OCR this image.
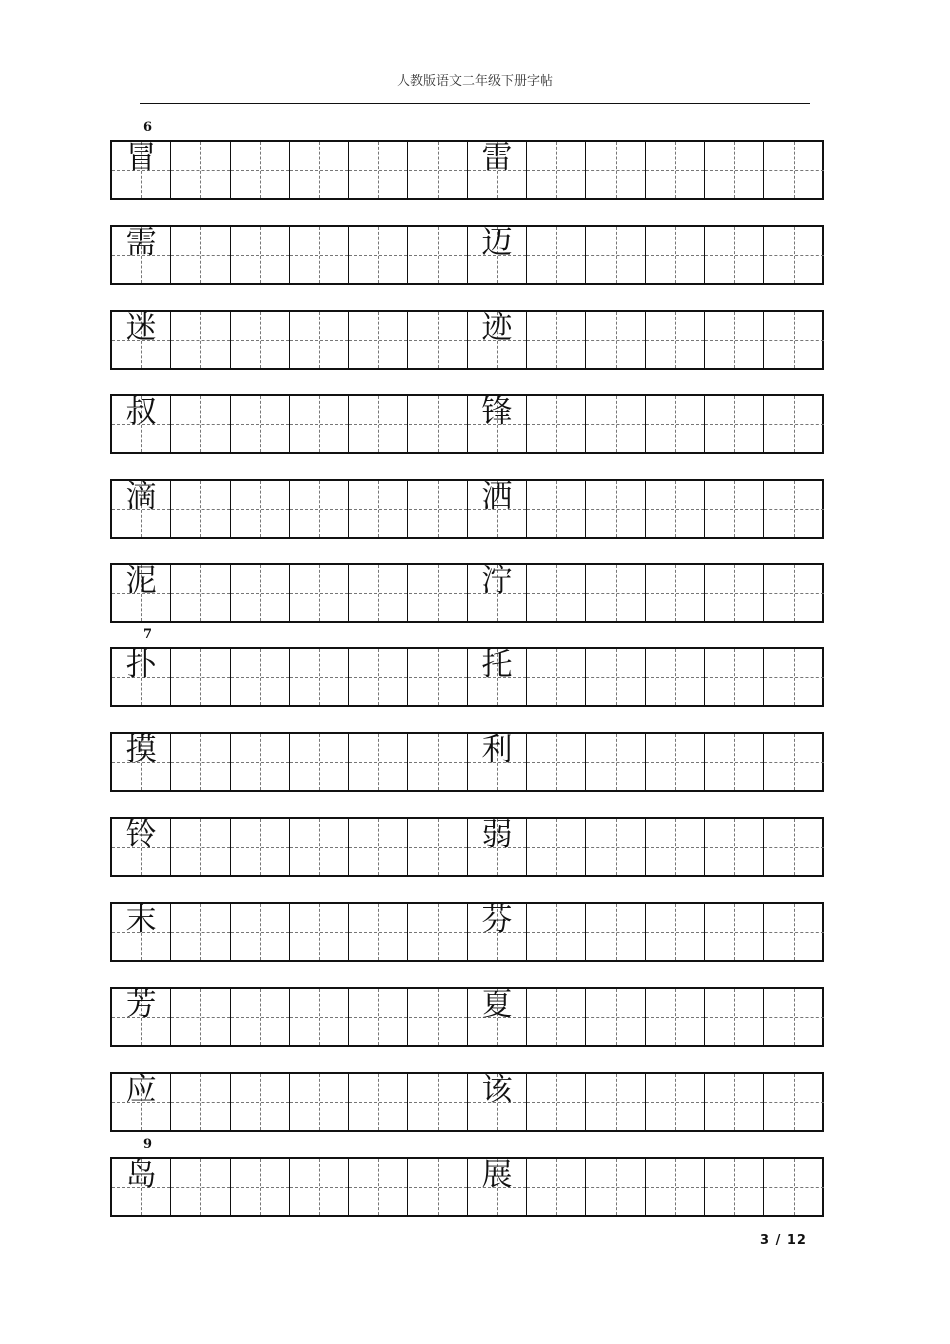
人教版语文二年级下册字帖
6
冒	雷
需	迈
迷	迹
叔	锋
滴	洒
泥	泞
7
扑	托
摸	利
铃	弱
末	芬
芳	夏
应	该
9
岛	展
3 / 12
